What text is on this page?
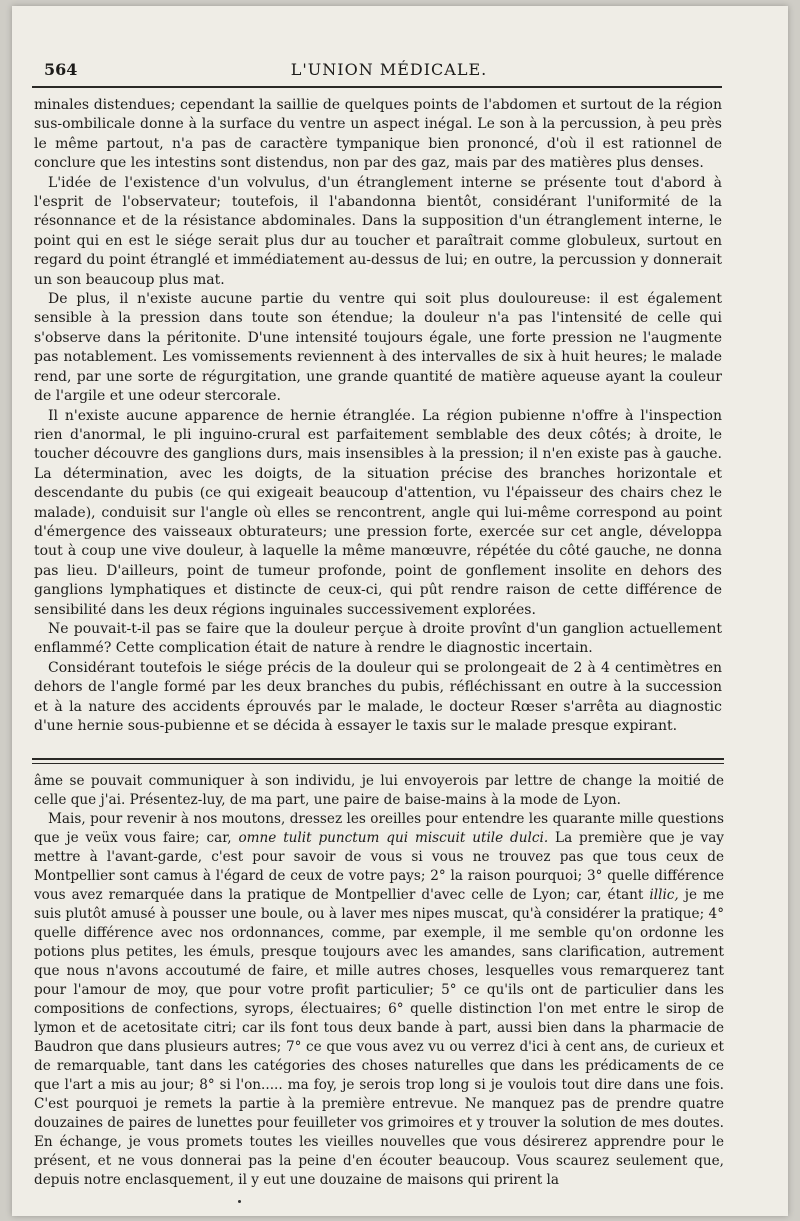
564	L'UNION MÉDICALE.

minales distendues; cependant la saillie de quelques points de l'abdomen et surtout de la région sus-ombilicale donne à la surface du ventre un aspect inégal. Le son à la percussion, à peu près le même partout, n'a pas de caractère tympanique bien prononcé, d'où il est rationnel de conclure que les intestins sont distendus, non par des gaz, mais par des matières plus denses.

L'idée de l'existence d'un volvulus, d'un étranglement interne se présente tout d'abord à l'esprit de l'observateur; toutefois, il l'abandonna bientôt, considérant l'uniformité de la résonnance et de la résistance abdominales. Dans la supposition d'un étranglement interne, le point qui en est le siége serait plus dur au toucher et paraîtrait comme globuleux, surtout en regard du point étranglé et immédiatement au-dessus de lui; en outre, la percussion y donnerait un son beaucoup plus mat.

De plus, il n'existe aucune partie du ventre qui soit plus douloureuse: il est également sensible à la pression dans toute son étendue; la douleur n'a pas l'intensité de celle qui s'observe dans la péritonite. D'une intensité toujours égale, une forte pression ne l'augmente pas notablement. Les vomissements reviennent à des intervalles de six à huit heures; le malade rend, par une sorte de régurgitation, une grande quantité de matière aqueuse ayant la couleur de l'argile et une odeur stercorale.

Il n'existe aucune apparence de hernie étranglée. La région pubienne n'offre à l'inspection rien d'anormal, le pli inguino-crural est parfaitement semblable des deux côtés; à droite, le toucher découvre des ganglions durs, mais insensibles à la pression; il n'en existe pas à gauche. La détermination, avec les doigts, de la situation précise des branches horizontale et descendante du pubis (ce qui exigeait beaucoup d'attention, vu l'épaisseur des chairs chez le malade), conduisit sur l'angle où elles se rencontrent, angle qui lui-même correspond au point d'émergence des vaisseaux obturateurs; une pression forte, exercée sur cet angle, développa tout à coup une vive douleur, à laquelle la même manœuvre, répétée du côté gauche, ne donna pas lieu. D'ailleurs, point de tumeur profonde, point de gonflement insolite en dehors des ganglions lymphatiques et distincte de ceux-ci, qui pût rendre raison de cette différence de sensibilité dans les deux régions inguinales successivement explorées.

Ne pouvait-t-il pas se faire que la douleur perçue à droite provînt d'un ganglion actuellement enflammé? Cette complication était de nature à rendre le diagnostic incertain.

Considérant toutefois le siége précis de la douleur qui se prolongeait de 2 à 4 centimètres en dehors de l'angle formé par les deux branches du pubis, réfléchissant en outre à la succession et à la nature des accidents éprouvés par le malade, le docteur Rœser s'arrêta au diagnostic d'une hernie sous-pubienne et se décida à essayer le taxis sur le malade presque expirant.

âme se pouvait communiquer à son individu, je lui envoyerois par lettre de change la moitié de celle que j'ai. Présentez-luy, de ma part, une paire de baise-mains à la mode de Lyon.

Mais, pour revenir à nos moutons, dressez les oreilles pour entendre les quarante mille questions que je veüx vous faire; car, omne tulit punctum qui miscuit utile dulci. La première que je vay mettre à l'avant-garde, c'est pour savoir de vous si vous ne trouvez pas que tous ceux de Montpellier sont camus à l'égard de ceux de votre pays; 2° la raison pourquoi; 3° quelle différence vous avez remarquée dans la pratique de Montpellier d'avec celle de Lyon; car, étant illic, je me suis plutôt amusé à pousser une boule, ou à laver mes nipes muscat, qu'à considérer la pratique; 4° quelle différence avec nos ordonnances, comme, par exemple, il me semble qu'on ordonne les potions plus petites, les émuls, presque toujours avec les amandes, sans clarification, autrement que nous n'avons accoutumé de faire, et mille autres choses, lesquelles vous remarquerez tant pour l'amour de moy, que pour votre profit particulier; 5° ce qu'ils ont de particulier dans les compositions de confections, syrops, électuaires; 6° quelle distinction l'on met entre le sirop de lymon et de acetositate citri; car ils font tous deux bande à part, aussi bien dans la pharmacie de Baudron que dans plusieurs autres; 7° ce que vous avez vu ou verrez d'ici à cent ans, de curieux et de remarquable, tant dans les catégories des choses naturelles que dans les prédicaments de ce que l'art a mis au jour; 8° si l'on..... ma foy, je serois trop long si je voulois tout dire dans une fois. C'est pourquoi je remets la partie à la première entrevue. Ne manquez pas de prendre quatre douzaines de paires de lunettes pour feuilleter vos grimoires et y trouver la solution de mes doutes. En échange, je vous promets toutes les vieilles nouvelles que vous désirerez apprendre pour le présent, et ne vous donnerai pas la peine d'en écouter beaucoup. Vous scaurez seulement que, depuis notre enclasquement, il y eut une douzaine de maisons qui prirent la
